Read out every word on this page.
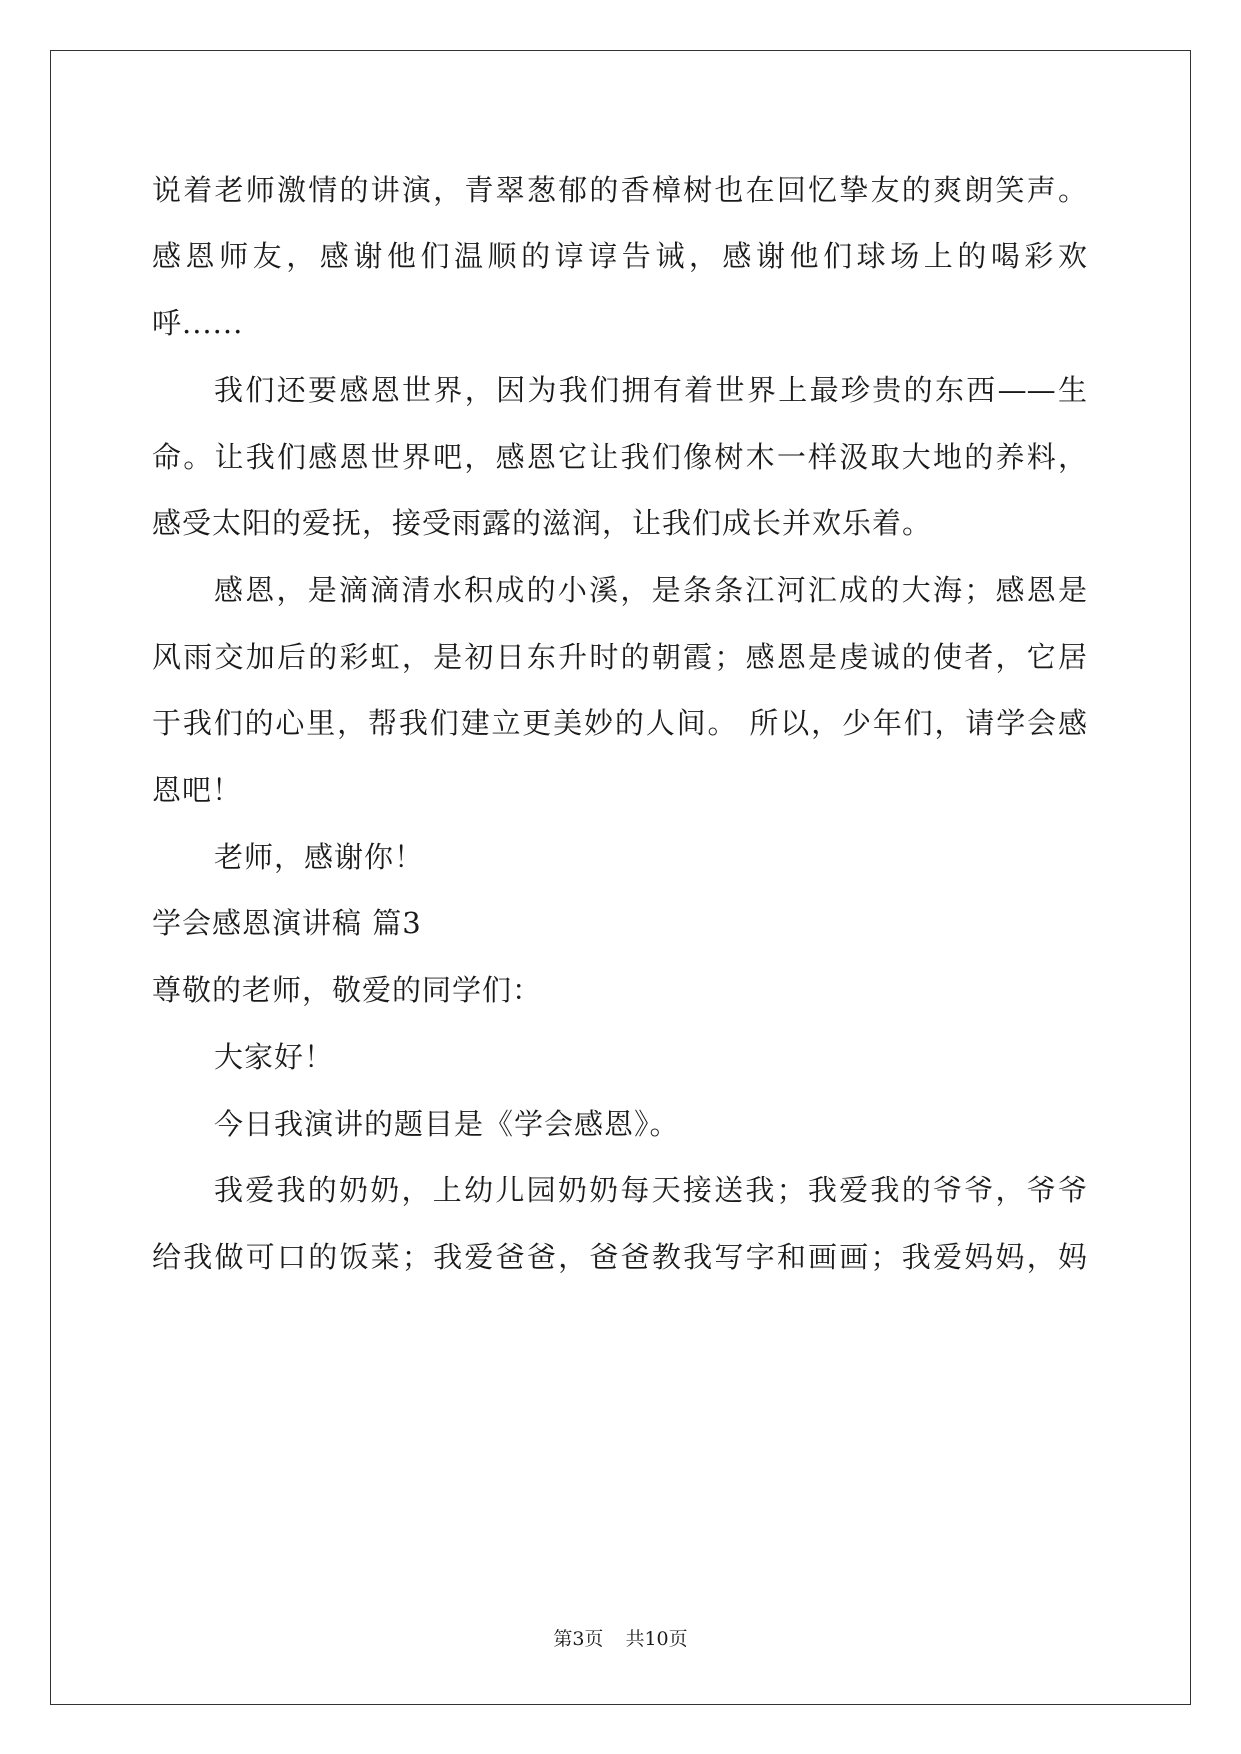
说着老师激情的讲演，青翠葱郁的香樟树也在回忆挚友的爽朗笑声。
感恩师友，感谢他们温顺的谆谆告诫，感谢他们球场上的喝彩欢
呼......
我们还要感恩世界，因为我们拥有着世界上最珍贵的东西——生
命。让我们感恩世界吧，感恩它让我们像树木一样汲取大地的养料，
感受太阳的爱抚，接受雨露的滋润，让我们成长并欢乐着。
感恩，是滴滴清水积成的小溪，是条条江河汇成的大海；感恩是
风雨交加后的彩虹，是初日东升时的朝霞；感恩是虔诚的使者，它居
于我们的心里，帮我们建立更美妙的人间。 所以，少年们，请学会感
恩吧！
老师，感谢你！
学会感恩演讲稿 篇3
尊敬的老师，敬爱的同学们：
大家好！
今日我演讲的题目是《学会感恩》。
我爱我的奶奶，上幼儿园奶奶每天接送我；我爱我的爷爷，爷爷
给我做可口的饭菜；我爱爸爸，爸爸教我写字和画画；我爱妈妈，妈
第3页 共10页
